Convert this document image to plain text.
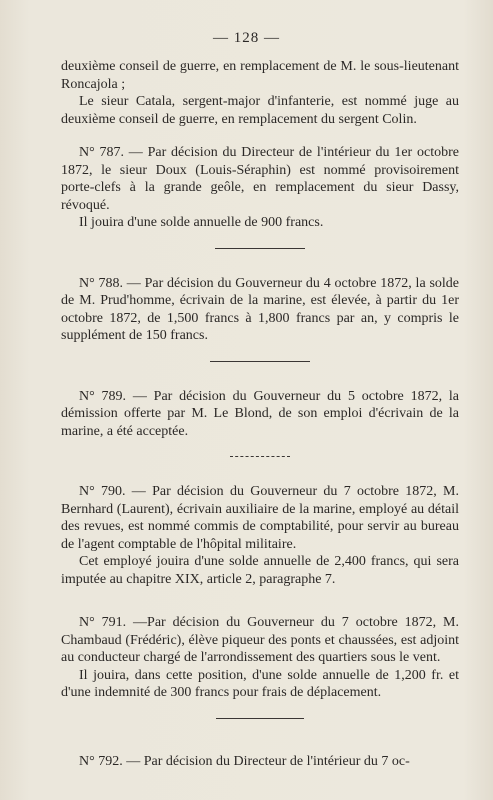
— 128 —

deuxième conseil de guerre, en remplacement de M. le sous-lieutenant Roncajola ;

Le sieur Catala, sergent-major d'infanterie, est nommé juge au deuxième conseil de guerre, en remplacement du sergent Colin.

N° 787. — Par décision du Directeur de l'intérieur du 1er octobre 1872, le sieur Doux (Louis-Séraphin) est nommé provisoirement porte-clefs à la grande geôle, en remplacement du sieur Dassy, révoqué.

Il jouira d'une solde annuelle de 900 francs.

N° 788. — Par décision du Gouverneur du 4 octobre 1872, la solde de M. Prud'homme, écrivain de la marine, est élevée, à partir du 1er octobre 1872, de 1,500 francs à 1,800 francs par an, y compris le supplément de 150 francs.

N° 789. — Par décision du Gouverneur du 5 octobre 1872, la démission offerte par M. Le Blond, de son emploi d'écrivain de la marine, a été acceptée.

N° 790. — Par décision du Gouverneur du 7 octobre 1872, M. Bernhard (Laurent), écrivain auxiliaire de la marine, employé au détail des revues, est nommé commis de comptabilité, pour servir au bureau de l'agent comptable de l'hôpital militaire.

Cet employé jouira d'une solde annuelle de 2,400 francs, qui sera imputée au chapitre XIX, article 2, paragraphe 7.

N° 791. —Par décision du Gouverneur du 7 octobre 1872, M. Chambaud (Frédéric), élève piqueur des ponts et chaussées, est adjoint au conducteur chargé de l'arrondissement des quartiers sous le vent.

Il jouira, dans cette position, d'une solde annuelle de 1,200 fr. et d'une indemnité de 300 francs pour frais de déplacement.

N° 792. — Par décision du Directeur de l'intérieur du 7 oc-
